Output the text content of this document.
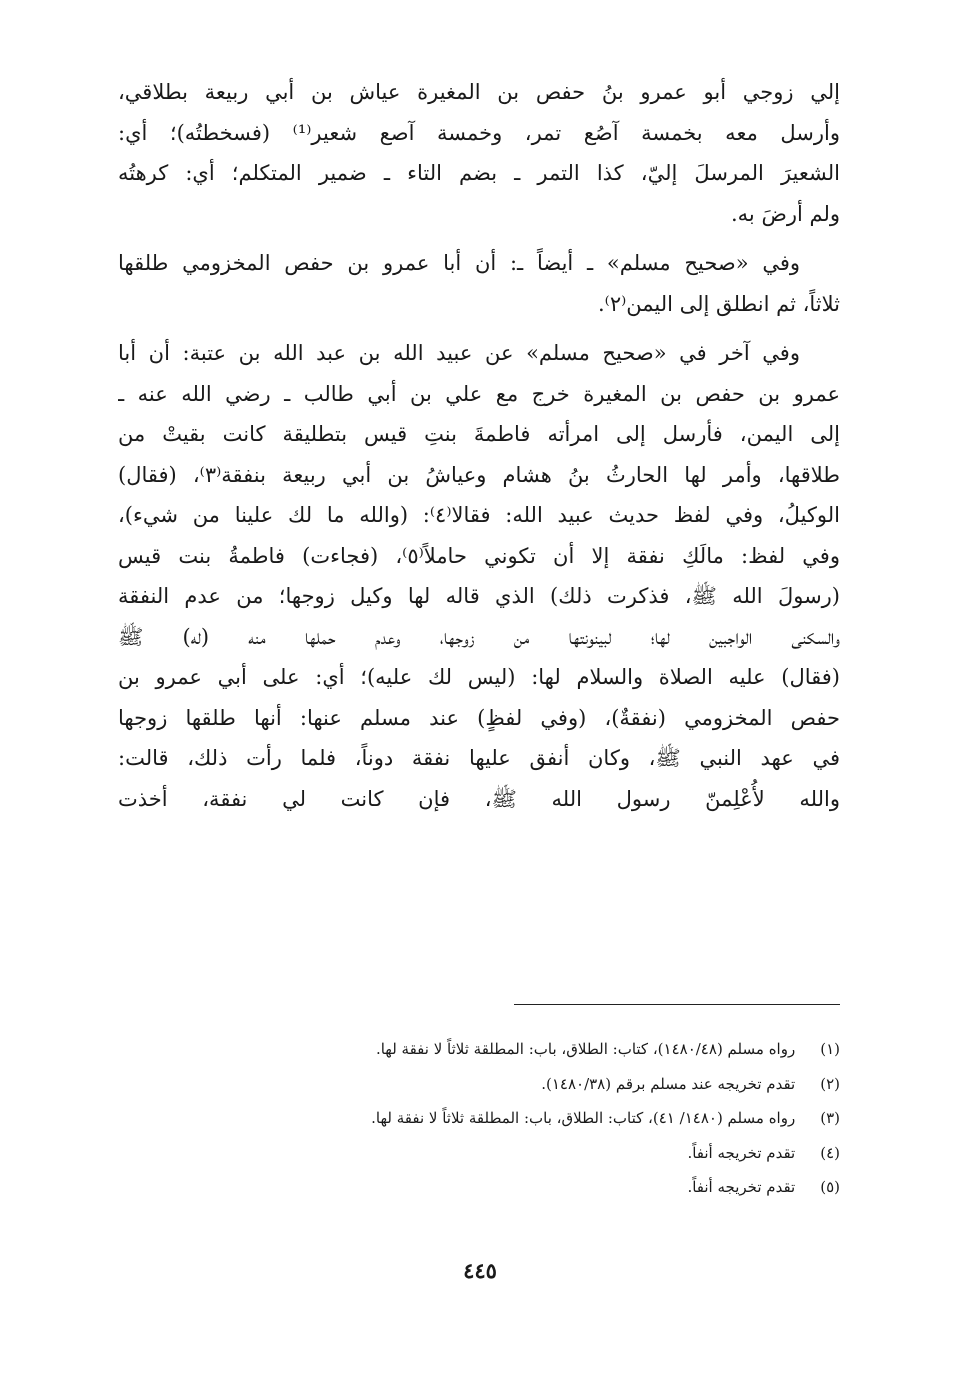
إلي زوجي أبو عمرو بنُ حفص بن المغيرة عياش بن أبي ربيعة بطلاقي،
وأرسل معه بخمسة آصُع تمر، وخمسة آصع شعير⁽¹⁾ (فسخطتُه)؛ أي:
الشعيرَ المرسلَ إليّ، كذا التمر ـ بضم التاء ـ ضمير المتكلم؛ أي: كرهتُه
ولم أرضَ به.

وفي «صحيح مسلم» ـ أيضاً ـ: أن أبا عمرو بن حفص المخزومي طلقها
ثلاثاً، ثم انطلق إلى اليمن⁽٢⁾.

وفي آخر في «صحيح مسلم» عن عبيد الله بن عبد الله بن عتبة: أن أبا
عمرو بن حفص بن المغيرة خرج مع علي بن أبي طالب ـ رضي الله عنه ـ
إلى اليمن، فأرسل إلى امرأته فاطمةَ بنتِ قيس بتطليقة كانت بقيتْ من
طلاقها، وأمر لها الحارثُ بنُ هشام وعياشُ بن أبي ربيعة بنفقة⁽٣⁾، (فقال)
الوكيلُ، وفي لفظ حديث عبيد الله: فقالا⁽٤⁾: (والله ما لك علينا من شيء)،
وفي لفظ: مالَكِ نفقة إلا أن تكوني حاملاً⁽٥⁾، (فجاءت) فاطمةُ بنت قيس
(رسولَ الله ﷺ، فذكرت ذلك) الذي قاله لها وكيل زوجها؛ من عدم النفقة
والسكنى الواجبين لها؛ لبينونتها من زوجها، وعدم حملها منه (له) ﷺ
(فقال) عليه الصلاة والسلام لها: (ليس لك عليه)؛ أي: على أبي عمرو بن
حفص المخزومي (نفقةٌ)، (وفي لفظٍ) عند مسلم عنها: أنها طلقها زوجها
في عهد النبي ﷺ، وكان أنفق عليها نفقة دوناً، فلما رأت ذلك، قالت:
والله لأُعْلِمنّ رسول الله ﷺ، فإن كانت لي نفقة، أخذت

(١) رواه مسلم (١٤٨٠/٤٨)، كتاب: الطلاق، باب: المطلقة ثلاثاً لا نفقة لها.
(٢) تقدم تخريجه عند مسلم برقم (١٤٨٠/٣٨).
(٣) رواه مسلم (١٤٨٠/ ٤١)، كتاب: الطلاق، باب: المطلقة ثلاثاً لا نفقة لها.
(٤) تقدم تخريجه أنفاً.
(٥) تقدم تخريجه أنفاً.
٤٤٥
